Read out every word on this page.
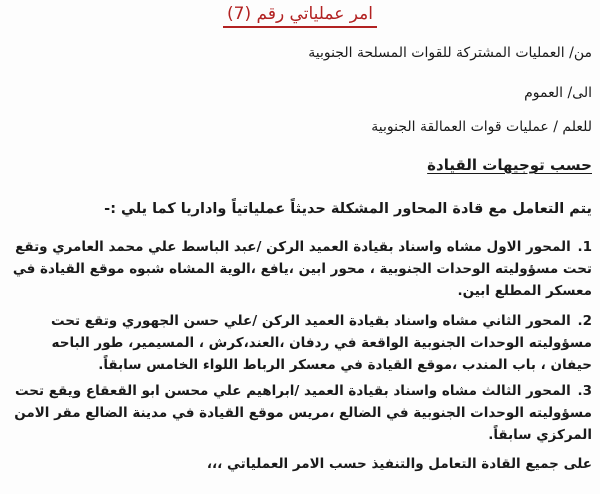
امر عملياتي رقم (7)
من/ العمليات المشتركة للقوات المسلحة الجنوبية
الى/ العموم
للعلم / عمليات قوات العمالقة الجنوبية
حسب توجيهات القيادة
يتم التعامل مع قادة المحاور المشكلة حديثاً عملياتياً واداريا كما يلي :-
1. المحور الاول مشاه واسناد بقيادة العميد الركن /عبد الباسط علي محمد العامري وتقع تحت مسؤوليته الوحدات الجنوبية ، محور ابين ،يافع ،الوية المشاه شبوه موقع القيادة في معسكر المطلع ابين.
2. المحور الثاني مشاه واسناد بقيادة العميد الركن /علي حسن الجهوري وتقع تحت مسؤوليته الوحدات الجنوبية الواقعة في ردفان ،العند،كرش ، المسيمير، طور الباحه حيفان ، باب المندب ،موقع القيادة في معسكر الرباط اللواء الخامس سابقاً.
3. المحور الثالث مشاه واسناد بقيادة العميد /ابراهيم علي محسن ابو القعقاع ويقع تحت مسؤوليته الوحدات الجنوبية في الضالع ،مريس موقع القيادة في مدينة الضالع مقر الامن المركزي سابقاً.
على جميع القادة التعامل والتنفيذ حسب الامر العملياتي ،،،
